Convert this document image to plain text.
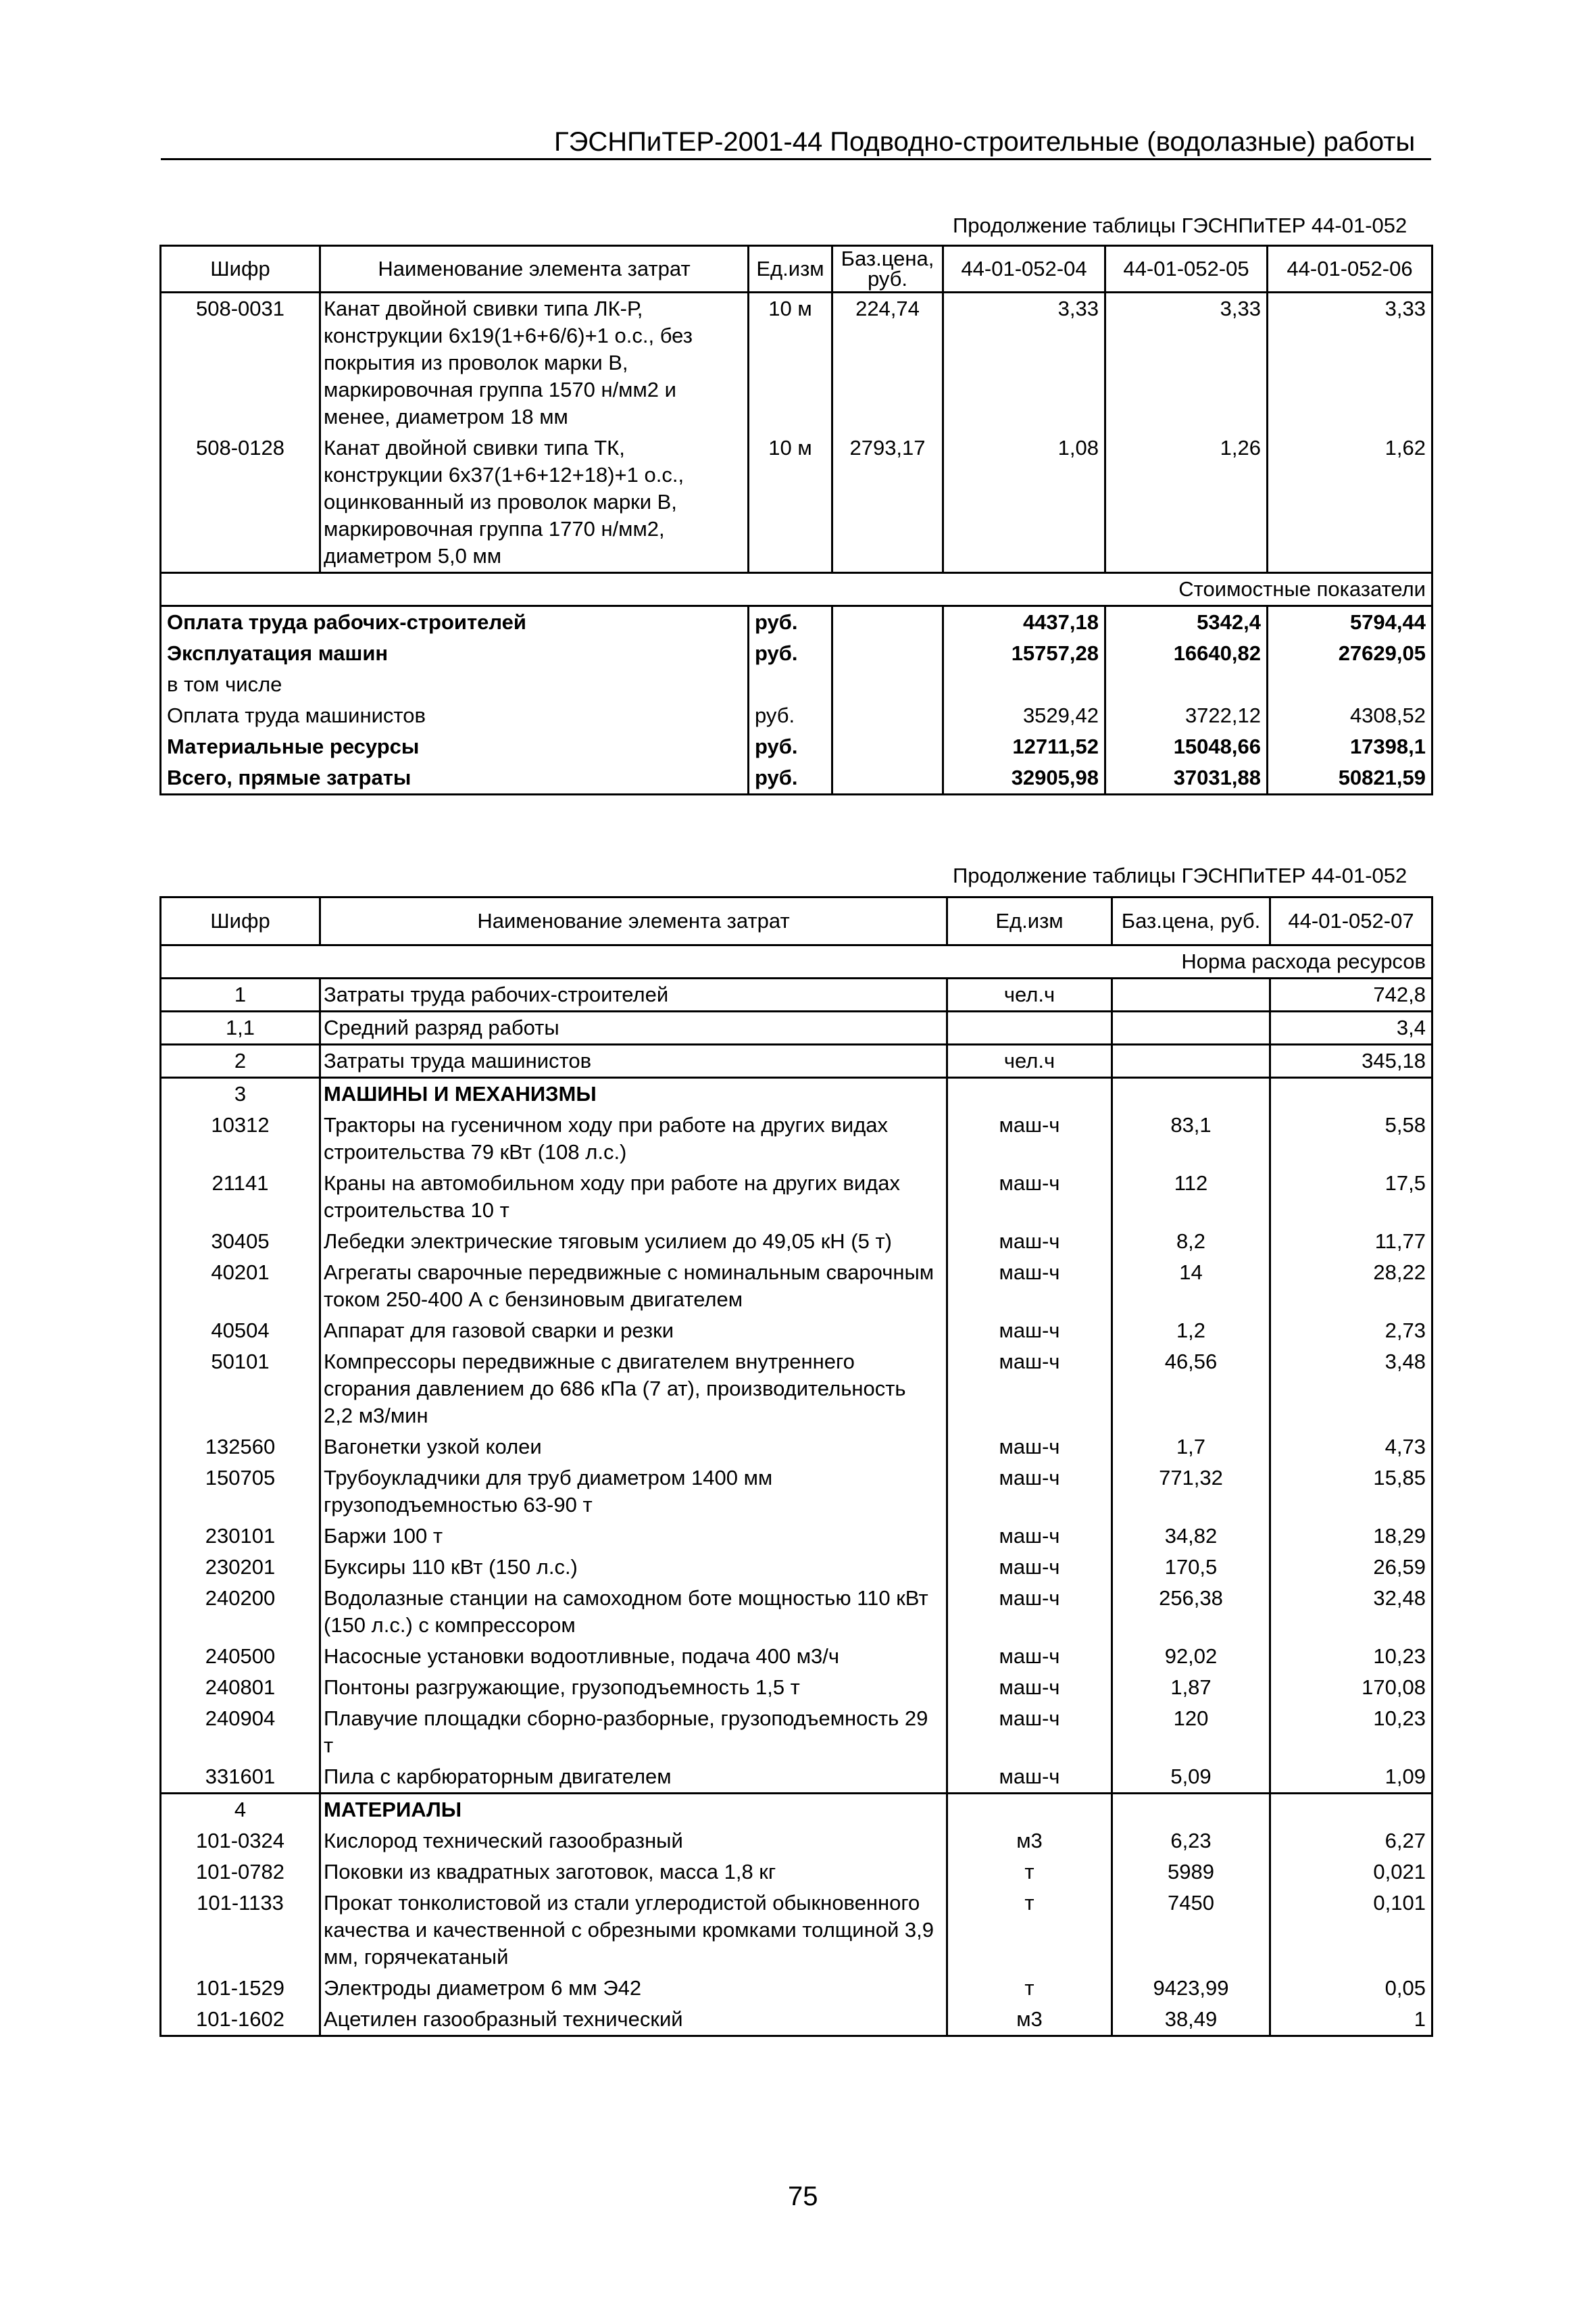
ГЭСНПиТЕР-2001-44 Подводно-строительные (водолазные) работы
Продолжение таблицы ГЭСНПиТЕР 44-01-052
Шифр	Наименование элемента затрат	Ед.изм	Баз.цена, руб.	44-01-052-04	44-01-052-05	44-01-052-06
508-0031	Канат двойной свивки типа ЛК-Р, конструкции 6х19(1+6+6/6)+1 о.с., без покрытия из проволок марки В, маркировочная группа 1570 н/мм2 и менее, диаметром 18 мм	10 м	224,74	3,33	3,33	3,33
508-0128	Канат двойной свивки типа ТК, конструкции 6х37(1+6+12+18)+1 о.с., оцинкованный из проволок марки В, маркировочная группа 1770 н/мм2, диаметром 5,0 мм	10 м	2793,17	1,08	1,26	1,62
Стоимостные показатели						
Оплата труда рабочих-строителей		руб.		4437,18	5342,4	5794,44
Эксплуатация машин		руб.		15757,28	16640,82	27629,05
в том числе						
Оплата труда машинистов		руб.		3529,42	3722,12	4308,52
Материальные ресурсы		руб.		12711,52	15048,66	17398,1
Всего, прямые затраты		руб.		32905,98	37031,88	50821,59
Продолжение таблицы ГЭСНПиТЕР 44-01-052
Шифр	Наименование элемента затрат	Ед.изм	Баз.цена, руб.	44-01-052-07
Норма расхода ресурсов				
1	Затраты труда рабочих-строителей	чел.ч		742,8
1,1	Средний разряд работы			3,4
2	Затраты труда машинистов	чел.ч		345,18
3	МАШИНЫ И МЕХАНИЗМЫ			
10312	Тракторы на гусеничном ходу при работе на других видах строительства 79 кВт (108 л.с.)	маш-ч	83,1	5,58
21141	Краны на автомобильном ходу при работе на других видах строительства 10 т	маш-ч	112	17,5
30405	Лебедки электрические тяговым усилием до 49,05 кН (5 т)	маш-ч	8,2	11,77
40201	Агрегаты сварочные передвижные с номинальным сварочным током 250-400 А с бензиновым двигателем	маш-ч	14	28,22
40504	Аппарат для газовой сварки и резки	маш-ч	1,2	2,73
50101	Компрессоры передвижные с двигателем внутреннего сгорания давлением до 686 кПа (7 ат), производительность 2,2 м3/мин	маш-ч	46,56	3,48
132560	Вагонетки узкой колеи	маш-ч	1,7	4,73
150705	Трубоукладчики для труб диаметром 1400 мм грузоподъемностью 63-90 т	маш-ч	771,32	15,85
230101	Баржи 100 т	маш-ч	34,82	18,29
230201	Буксиры 110 кВт (150 л.с.)	маш-ч	170,5	26,59
240200	Водолазные станции на самоходном боте мощностью 110 кВт (150 л.с.) с компрессором	маш-ч	256,38	32,48
240500	Насосные установки водоотливные, подача 400 м3/ч	маш-ч	92,02	10,23
240801	Понтоны разгружающие, грузоподъемность 1,5 т	маш-ч	1,87	170,08
240904	Плавучие площадки сборно-разборные, грузоподъемность 29 т	маш-ч	120	10,23
331601	Пила с карбюраторным двигателем	маш-ч	5,09	1,09
4	МАТЕРИАЛЫ			
101-0324	Кислород технический газообразный	м3	6,23	6,27
101-0782	Поковки из квадратных заготовок, масса 1,8 кг	т	5989	0,021
101-1133	Прокат тонколистовой из стали углеродистой обыкновенного качества и качественной с обрезными кромками толщиной 3,9 мм, горячекатаный	т	7450	0,101
101-1529	Электроды диаметром 6 мм Э42	т	9423,99	0,05
101-1602	Ацетилен газообразный технический	м3	38,49	1
75
